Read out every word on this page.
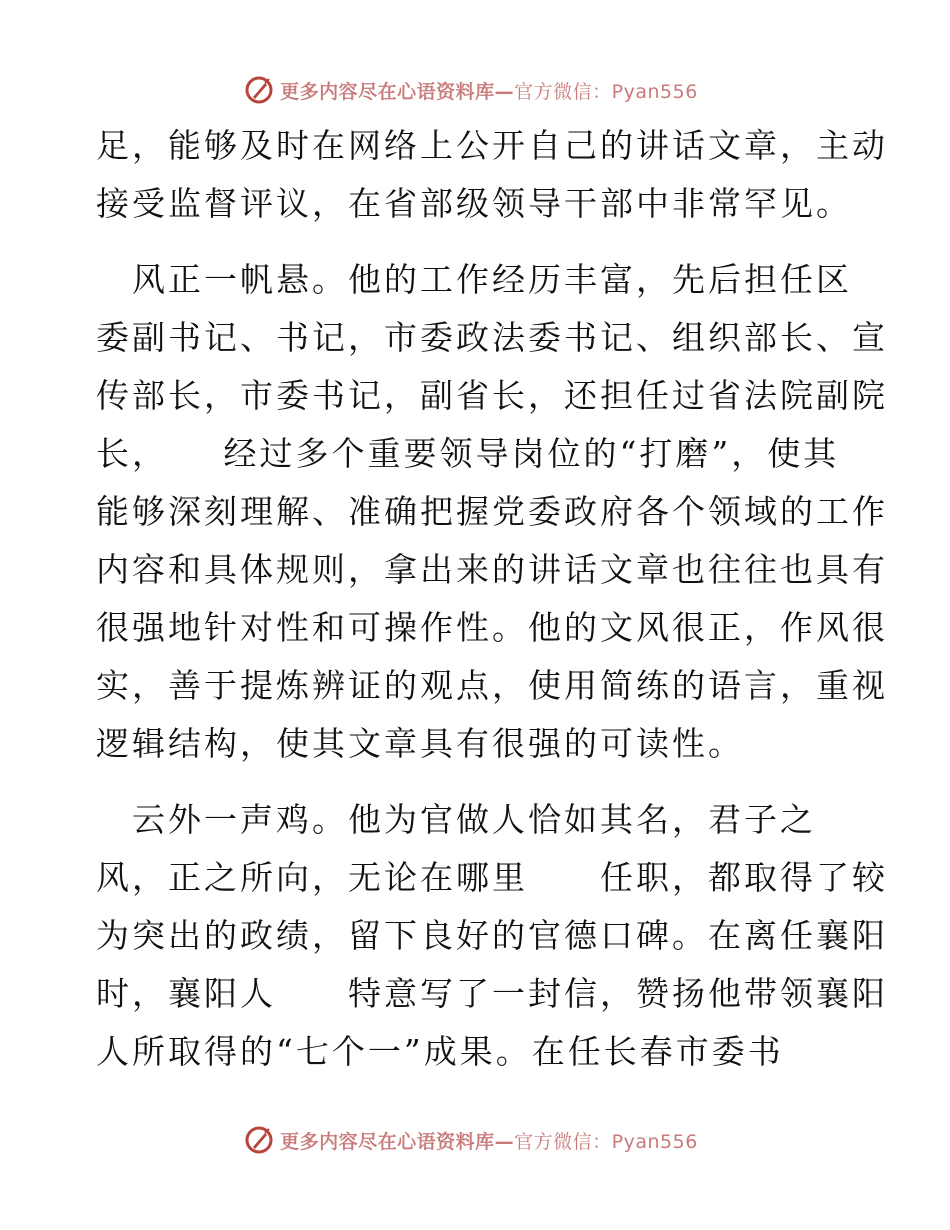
更多内容尽在心语资料库— 官方微信：Pyan556
足，能够及时在网络上公开自己的讲话文章，主动
接受监督评议，在省部级领导干部中非常罕见。
　风正一帆悬。他的工作经历丰富，先后担任区
委副书记、书记，市委政法委书记、组织部长、宣
传部长，市委书记，副省长，还担任过省法院副院
长，　　经过多个重要领导岗位的“打磨”，使其
能够深刻理解、准确把握党委政府各个领域的工作
内容和具体规则，拿出来的讲话文章也往往也具有
很强地针对性和可操作性。他的文风很正，作风很
实，善于提炼辨证的观点，使用简练的语言，重视
逻辑结构，使其文章具有很强的可读性。
　云外一声鸡。他为官做人恰如其名，君子之
风，正之所向，无论在哪里　　任职，都取得了较
为突出的政绩，留下良好的官德口碑。在离任襄阳
时，襄阳人　　特意写了一封信，赞扬他带领襄阳
人所取得的“七个一”成果。在任长春市委书
更多内容尽在心语资料库— 官方微信：Pyan556
